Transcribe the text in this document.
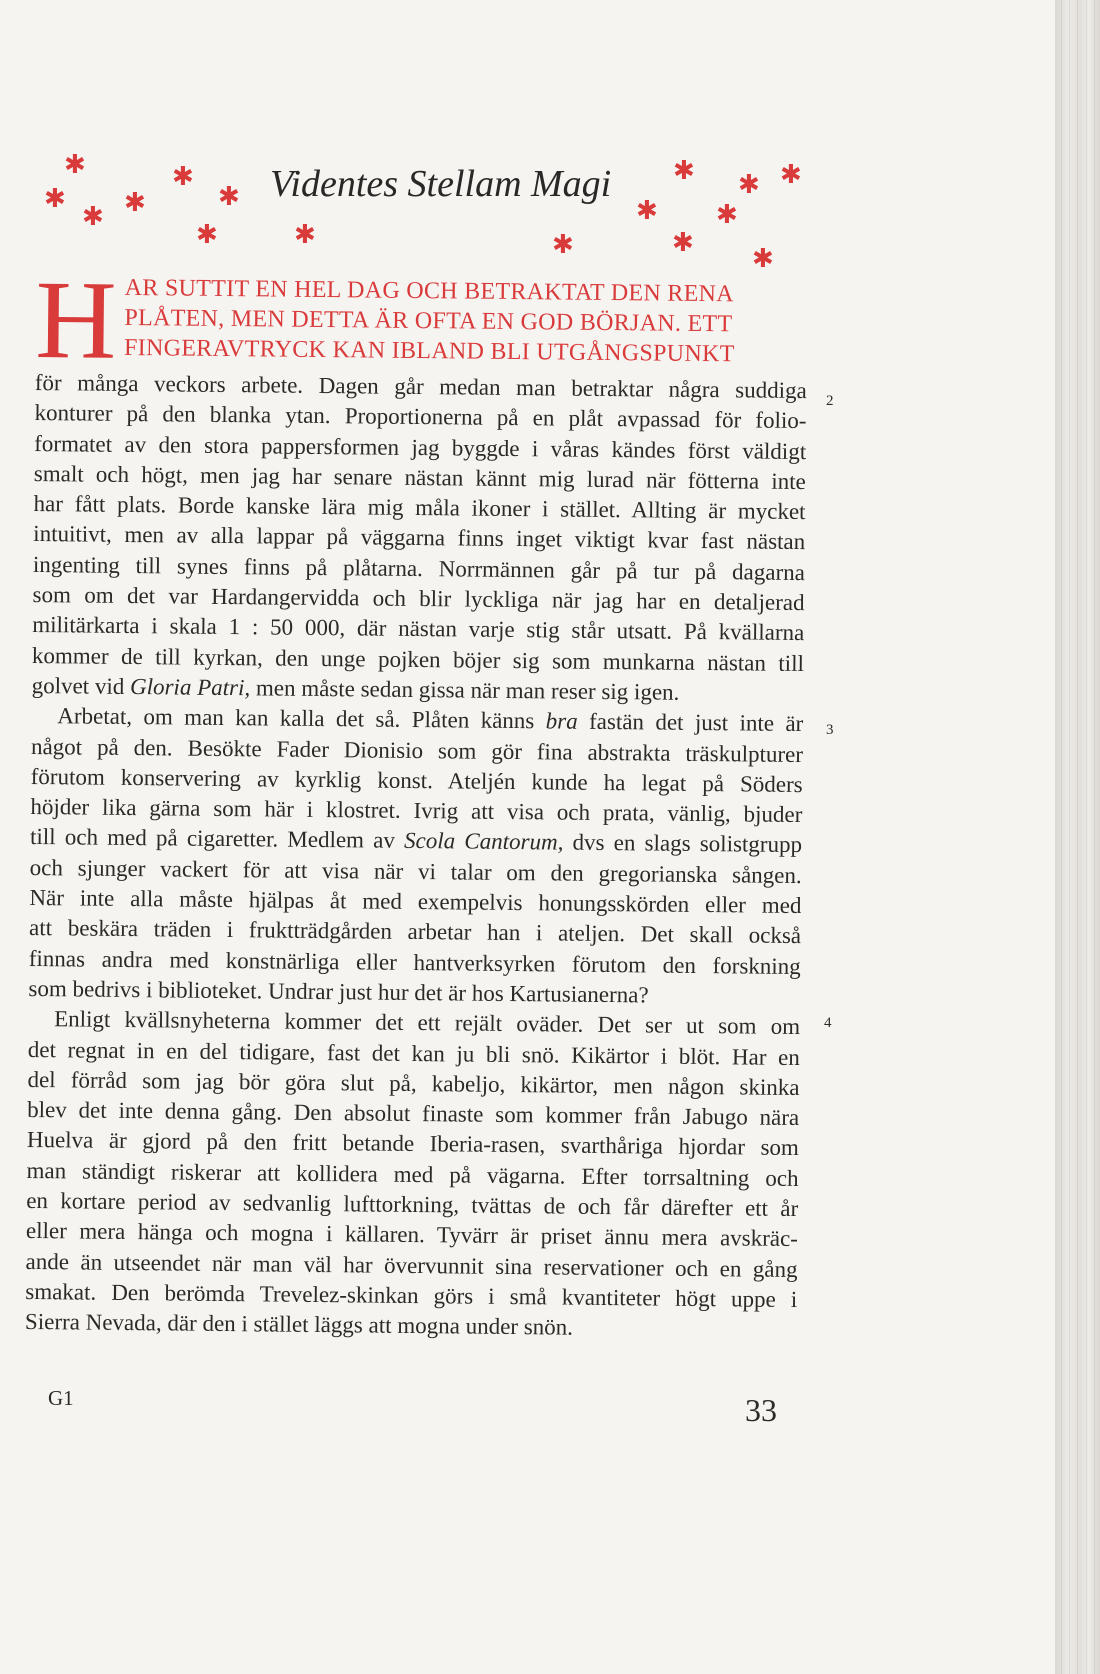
✱
✱
✱ ✱
✱
✱
✱	✱
Videntes Stellam Magi ✱ ✱ ✱
✱ ✱
✱	✱
✱
H AR SUTTIT EN HEL DAG OCH BETRAKTAT DEN RENA
PLÅTEN, MEN DETTA ÄR OFTA EN GOD BÖRJAN. ETT
FINGERAVTRYCK KAN IBLAND BLI UTGÅNGSPUNKT
för många veckors arbete. Dagen går medan man betraktar några suddiga
konturer på den blanka ytan. Proportionerna på en plåt avpassad för folio-
formatet av den stora pappersformen jag byggde i våras kändes först väldigt
smalt och högt, men jag har senare nästan kännt mig lurad när fötterna inte
har fått plats. Borde kanske lära mig måla ikoner i stället. Allting är mycket
intuitivt, men av alla lappar på väggarna finns inget viktigt kvar fast nästan
ingenting till synes finns på plåtarna. Norrmännen går på tur på dagarna
som om det var Hardangervidda och blir lyckliga när jag har en detaljerad
militärkarta i skala 1 : 50 000, där nästan varje stig står utsatt. På kvällarna
kommer de till kyrkan, den unge pojken böjer sig som munkarna nästan till
golvet vid Gloria Patri, men måste sedan gissa när man reser sig igen.
Arbetat, om man kan kalla det så. Plåten känns bra fastän det just inte är
något på den. Besökte Fader Dionisio som gör fina abstrakta träskulpturer
förutom konservering av kyrklig konst. Ateljén kunde ha legat på Söders
höjder lika gärna som här i klostret. Ivrig att visa och prata, vänlig, bjuder
till och med på cigaretter. Medlem av Scola Cantorum, dvs en slags solistgrupp
och sjunger vackert för att visa när vi talar om den gregorianska sången.
När inte alla måste hjälpas åt med exempelvis honungsskörden eller med
att beskära träden i fruktträdgården arbetar han i ateljen. Det skall också
finnas andra med konstnärliga eller hantverksyrken förutom den forskning
som bedrivs i biblioteket. Undrar just hur det är hos Kartusianerna?
Enligt kvällsnyheterna kommer det ett rejält oväder. Det ser ut som om
det regnat in en del tidigare, fast det kan ju bli snö. Kikärtor i blöt. Har en
del förråd som jag bör göra slut på, kabeljo, kikärtor, men någon skinka
blev det inte denna gång. Den absolut finaste som kommer från Jabugo nära
Huelva är gjord på den fritt betande Iberia-rasen, svarthåriga hjordar som
man ständigt riskerar att kollidera med på vägarna. Efter torrsaltning och
en kortare period av sedvanlig lufttorkning, tvättas de och får därefter ett år
eller mera hänga och mogna i källaren. Tyvärr är priset ännu mera avskräc-
ande än utseendet när man väl har övervunnit sina reservationer och en gång
smakat. Den berömda Trevelez-skinkan görs i små kvantiteter högt uppe i
Sierra Nevada, där den i stället läggs att mogna under snön.
2
3
4
G1	33
